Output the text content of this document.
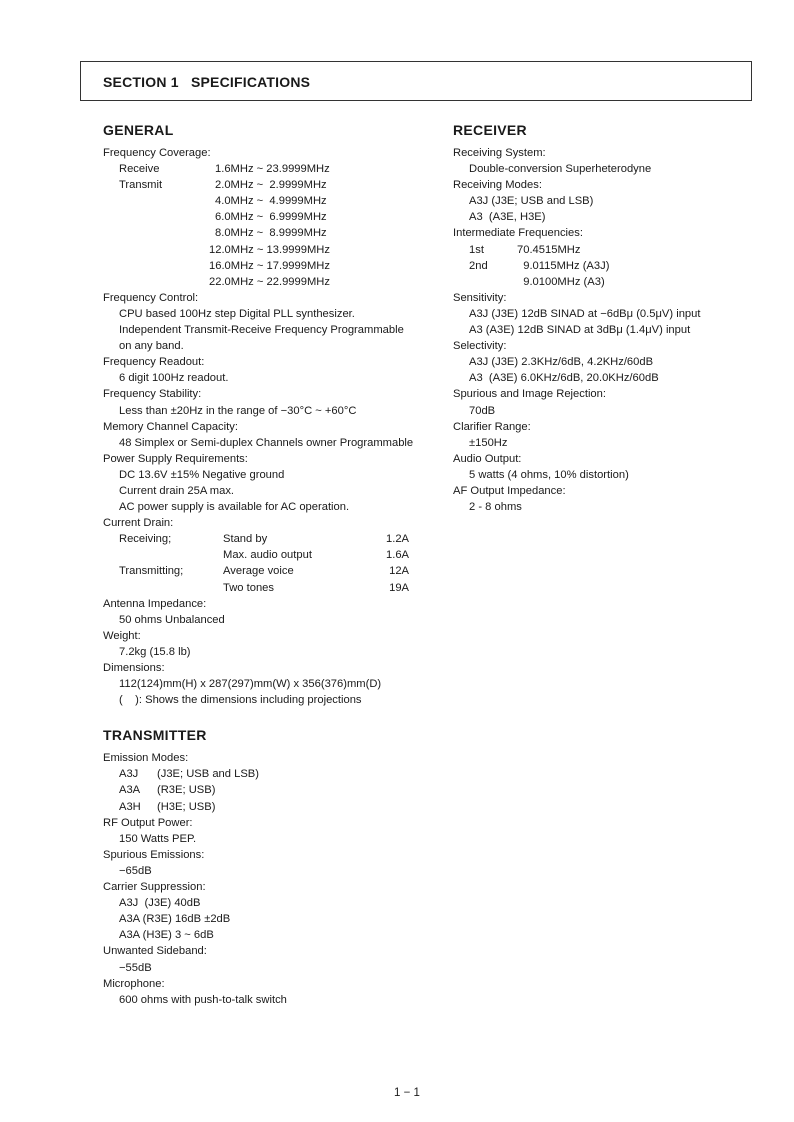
SECTION 1   SPECIFICATIONS
GENERAL
Frequency Coverage:
Receive	1.6MHz ~ 23.9999MHz
Transmit	2.0MHz ~  2.9999MHz
4.0MHz ~  4.9999MHz
6.0MHz ~  6.9999MHz
8.0MHz ~  8.9999MHz
12.0MHz ~ 13.9999MHz
16.0MHz ~ 17.9999MHz
22.0MHz ~ 22.9999MHz
Frequency Control:
CPU based 100Hz step Digital PLL synthesizer.
Independent Transmit-Receive Frequency Programmable
on any band.
Frequency Readout:
6 digit 100Hz readout.
Frequency Stability:
Less than ±20Hz in the range of −30°C ~ +60°C
Memory Channel Capacity:
48 Simplex or Semi-duplex Channels owner Programmable
Power Supply Requirements:
DC 13.6V ±15% Negative ground
Current drain 25A max.
AC power supply is available for AC operation.
Current Drain:
Receiving;	Stand by	1.2A
Max. audio output	1.6A
Transmitting;	Average voice	12A
Two tones	19A
Antenna Impedance:
50 ohms Unbalanced
Weight:
7.2kg (15.8 lb)
Dimensions:
112(124)mm(H) x 287(297)mm(W) x 356(376)mm(D)
(    ): Shows the dimensions including projections
TRANSMITTER
Emission Modes:
A3J	(J3E; USB and LSB)
A3A	(R3E; USB)
A3H	(H3E; USB)
RF Output Power:
150 Watts PEP.
Spurious Emissions:
−65dB
Carrier Suppression:
A3J  (J3E) 40dB
A3A (R3E) 16dB ±2dB
A3A (H3E) 3 ~ 6dB
Unwanted Sideband:
−55dB
Microphone:
600 ohms with push-to-talk switch
RECEIVER
Receiving System:
Double-conversion Superheterodyne
Receiving Modes:
A3J (J3E; USB and LSB)
A3  (A3E, H3E)
Intermediate Frequencies:
1st	70.4515MHz
2nd	9.0115MHz (A3J)
9.0100MHz (A3)
Sensitivity:
A3J (J3E) 12dB SINAD at −6dBμ (0.5μV) input
A3 (A3E) 12dB SINAD at 3dBμ (1.4μV) input
Selectivity:
A3J (J3E) 2.3KHz/6dB, 4.2KHz/60dB
A3  (A3E) 6.0KHz/6dB, 20.0KHz/60dB
Spurious and Image Rejection:
70dB
Clarifier Range:
±150Hz
Audio Output:
5 watts (4 ohms, 10% distortion)
AF Output Impedance:
2 - 8 ohms
1 − 1
